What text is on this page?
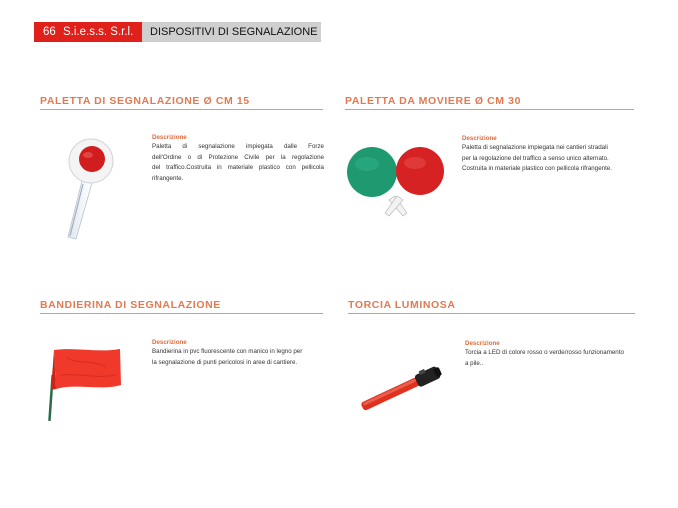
66 S.i.e.s.s. S.r.l.	DISPOSITIVI DI SEGNALAZIONE
PALETTA DI SEGNALAZIONE Ø CM 15
Descrizione
Paletta di segnalazione impiegata dalle Forze
dell'Ordine o di Protezione Civile per la regolazione
del traffico.Costruita in materiale plastico con pellicola
rifrangente.
PALETTA DA MOVIERE Ø CM 30
Descrizione
Paletta di segnalazione impiegata nei cantieri stradali
per la regolazione del traffico a senso unico alternato.
Costruita in materiale plastico con pellicola rifrangente.
BANDIERINA DI SEGNALAZIONE
Descrizione
Bandierina in pvc fluorescente con manico in legno per
la segnalazione di punti pericolosi in aree di cantiere.
TORCIA LUMINOSA
Descrizione
Torcia a LED di colore rosso o verde/rosso funzionamento
a pile..
